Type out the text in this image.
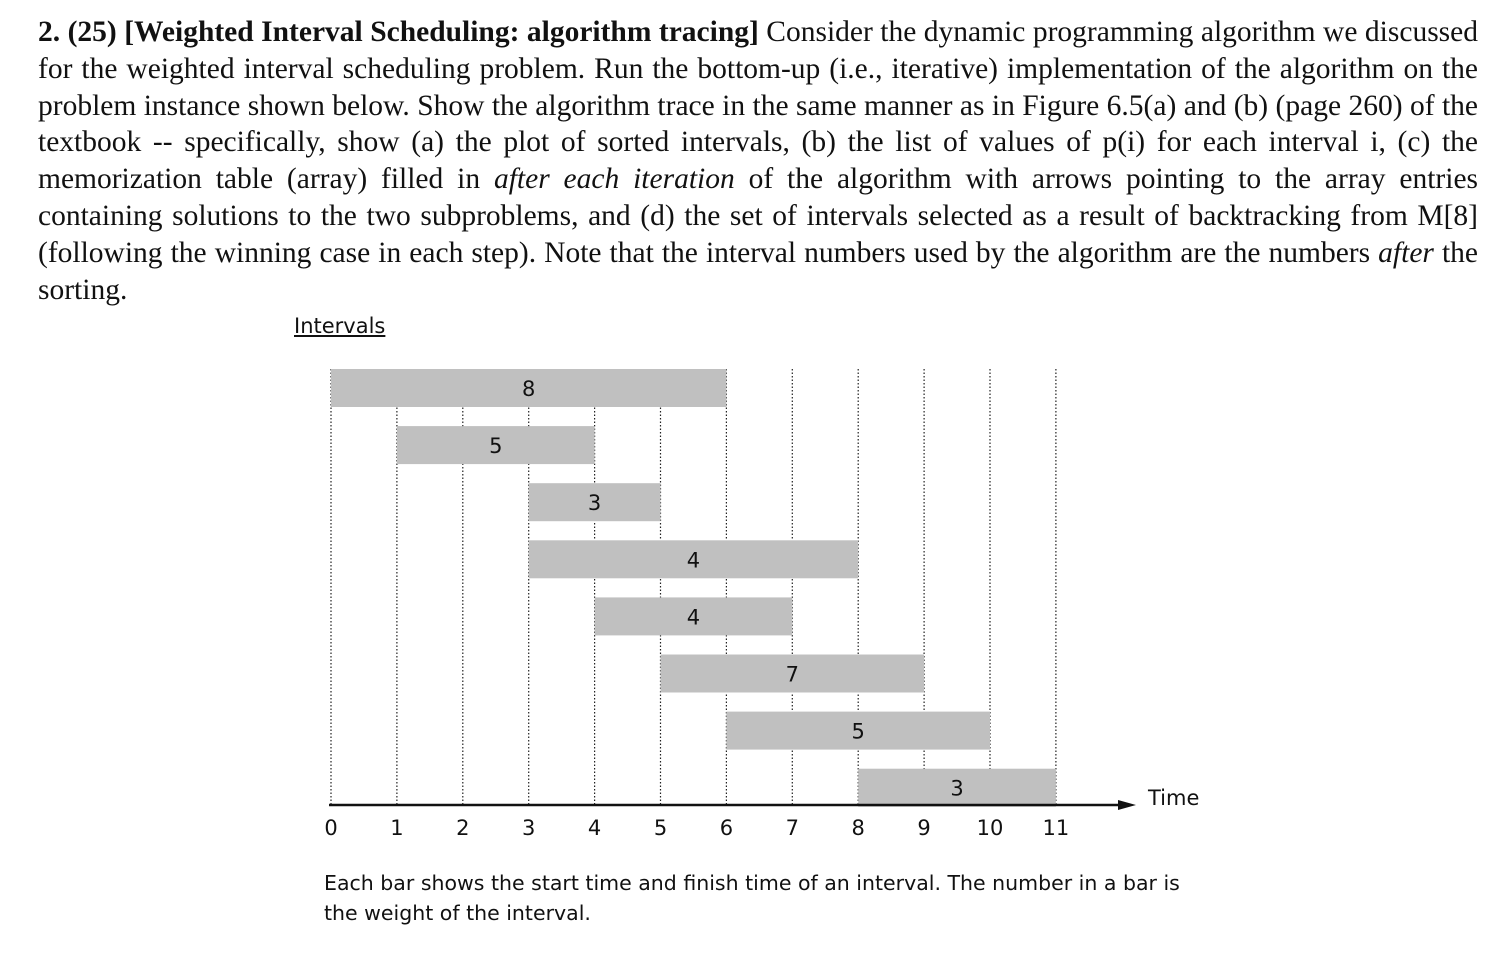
2. (25) [Weighted Interval Scheduling: algorithm tracing] Consider the dynamic programming algorithm we discussed for the weighted interval scheduling problem. Run the bottom-up (i.e., iterative) implementation of the algorithm on the problem instance shown below. Show the algorithm trace in the same manner as in Figure 6.5(a) and (b) (page 260) of the textbook -- specifically, show (a) the plot of sorted intervals, (b) the list of values of p(i) for each interval i, (c) the memorization table (array) filled in after each iteration of the algorithm with arrows pointing to the array entries containing solutions to the two subproblems, and (d) the set of intervals selected as a result of backtracking from M[8] (following the winning case in each step). Note that the interval numbers used by the algorithm are the numbers after the sorting.
Intervals
8
5
3
4
4
7
5
3	Time
0	1	2	3	4	5	6	7	8	9 10 11
Each bar shows the start time and finish time of an interval. The number in a bar is the weight of the interval.
